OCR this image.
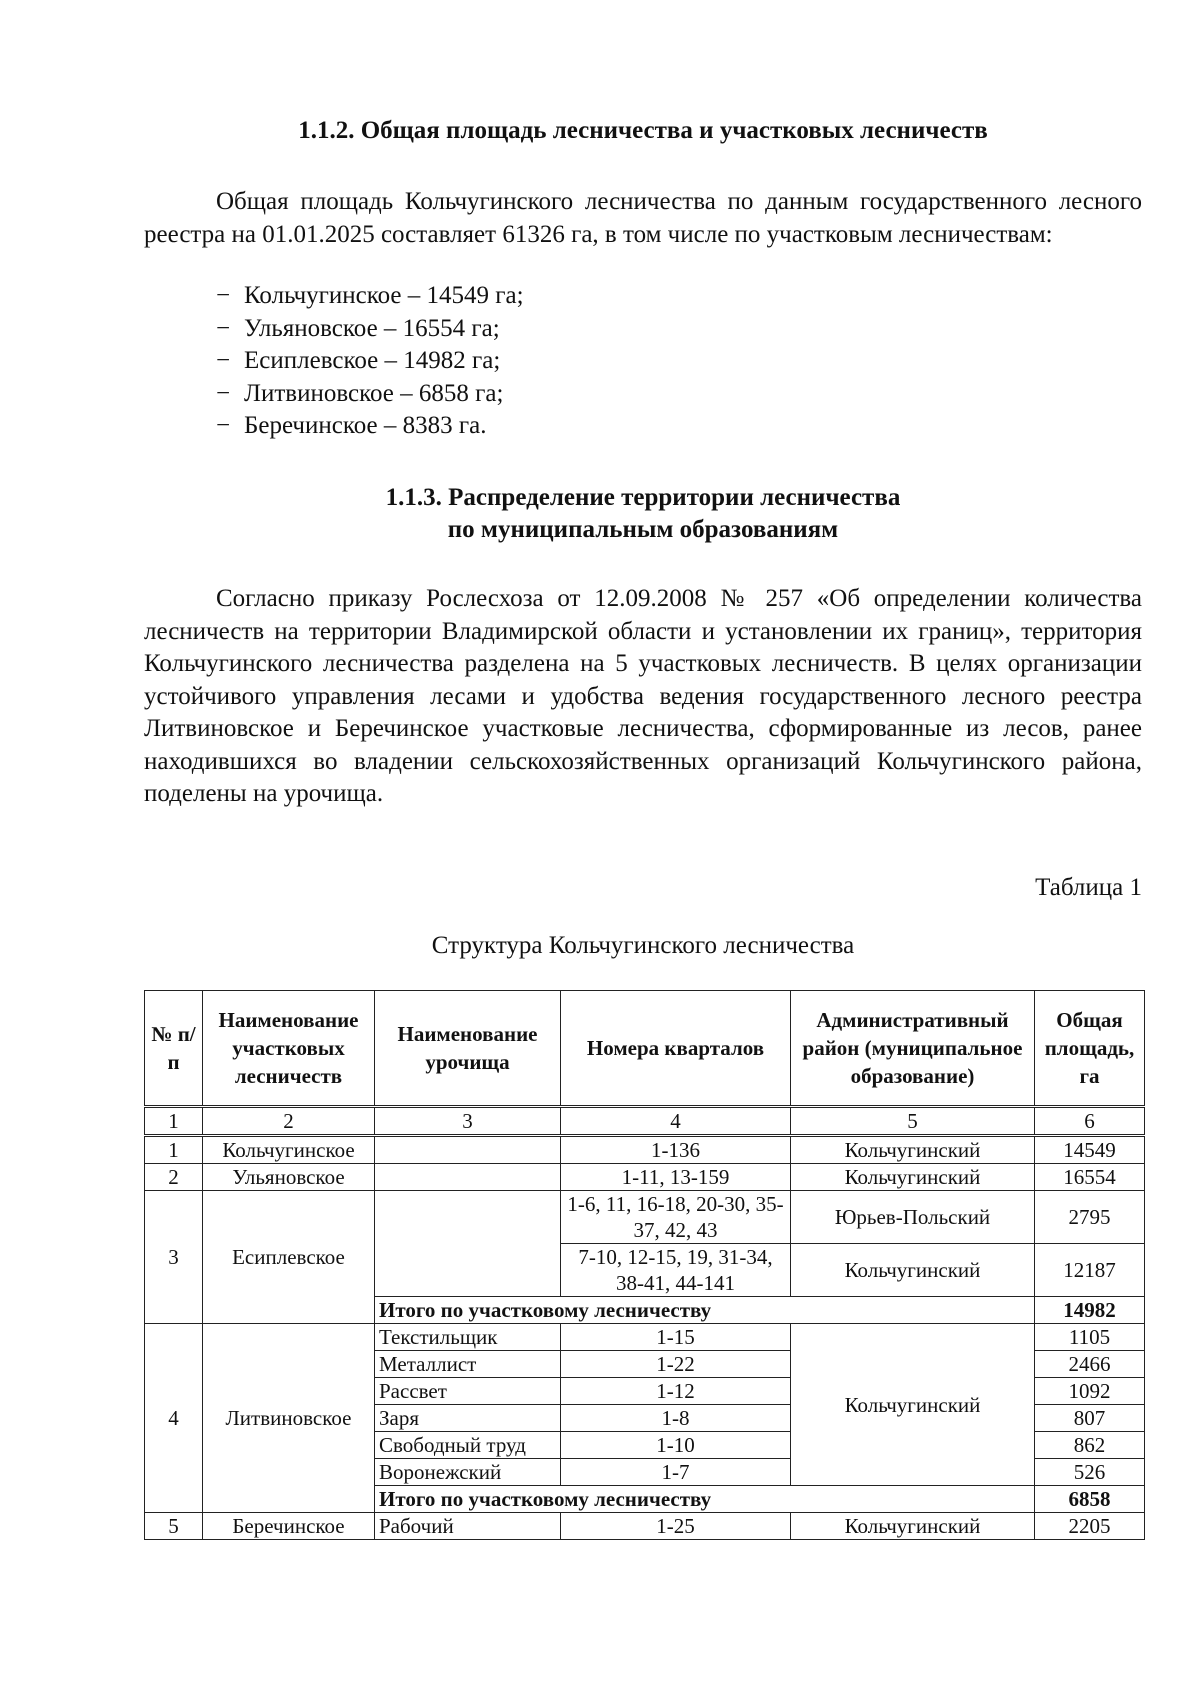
1.1.2. Общая площадь лесничества и участковых лесничеств
Общая площадь Кольчугинского лесничества по данным государственного лесного реестра на 01.01.2025 составляет 61326 га, в том числе по участковым лесничествам:
− Кольчугинское – 14549 га;
− Ульяновское – 16554 га;
− Есиплевское – 14982 га;
− Литвиновское – 6858 га;
− Беречинское – 8383 га.
1.1.3. Распределение территории лесничества
по муниципальным образованиям
Согласно приказу Рослесхоза от 12.09.2008 № 257 «Об определении количества лесничеств на территории Владимирской области и установлении их границ», территория Кольчугинского лесничества разделена на 5 участковых лесничеств. В целях организации устойчивого управления лесами и удобства ведения государственного лесного реестра Литвиновское и Беречинское участковые лесничества, сформированные из лесов, ранее находившихся во владении сельскохозяйственных организаций Кольчугинского района, поделены на урочища.
Таблица 1
Структура Кольчугинского лесничества
№ п/п	Наименование участковых лесничеств	Наименование урочища	Номера кварталов	Административный район (муниципальное образование)	Общая площадь, га
1	2	3	4	5	6
1	Кольчугинское		1-136	Кольчугинский	14549
2	Ульяновское		1-11, 13-159	Кольчугинский	16554
3	Есиплевское		1-6, 11, 16-18, 20-30, 35-37, 42, 43	Юрьев-Польский	2795
			7-10, 12-15, 19, 31-34, 38-41, 44-141	Кольчугинский	12187
		Итого по участковому лесничеству			14982
4	Литвиновское	Текстильщик	1-15	Кольчугинский	1105
		Металлист	1-22		2466
		Рассвет	1-12		1092
		Заря	1-8		807
		Свободный труд	1-10		862
		Воронежский	1-7		526
		Итого по участковому лесничеству			6858
5	Беречинское	Рабочий	1-25	Кольчугинский	2205
